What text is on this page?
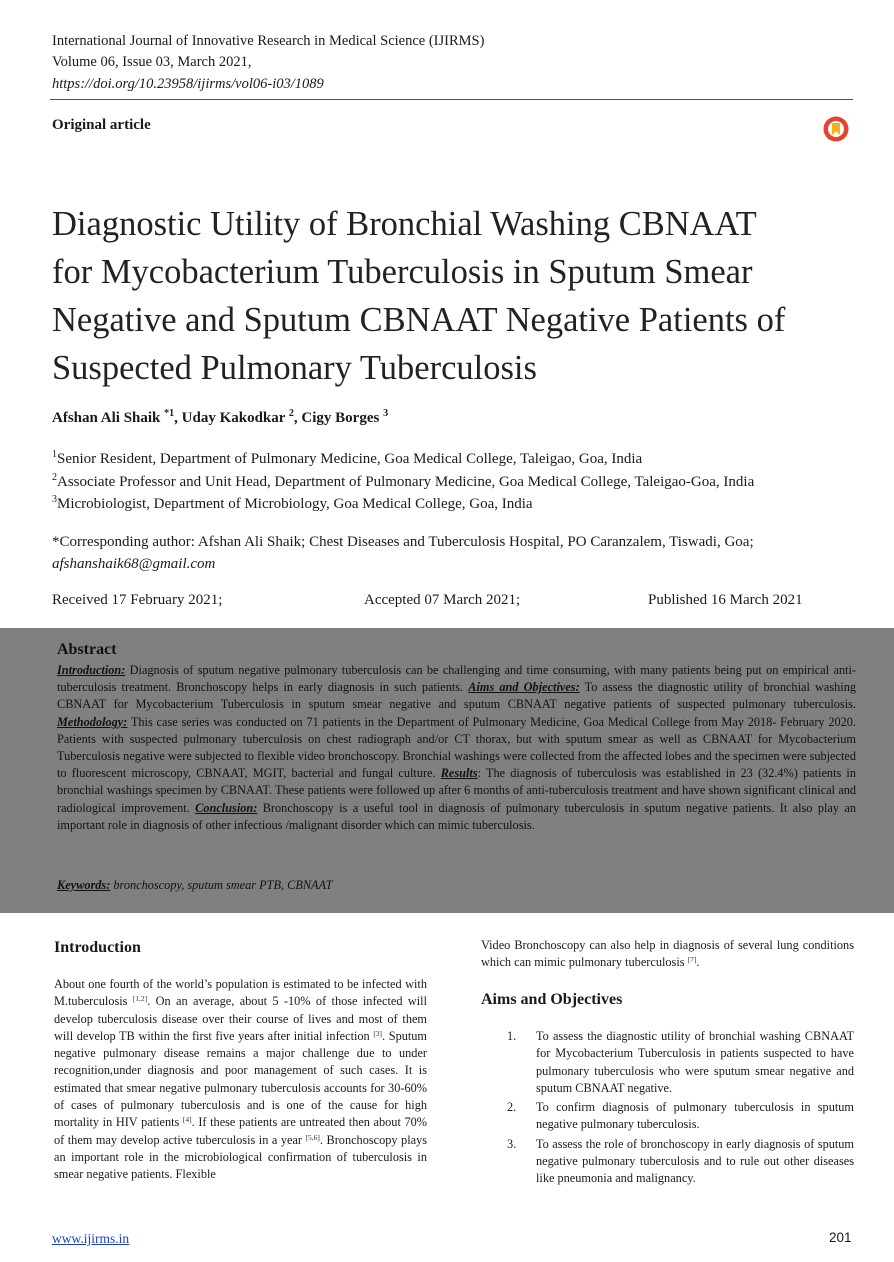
International Journal of Innovative Research in Medical Science (IJIRMS)
Volume 06, Issue 03, March 2021,
https://doi.org/10.23958/ijirms/vol06-i03/1089
Original article
Diagnostic Utility of Bronchial Washing CBNAAT
for Mycobacterium Tuberculosis in Sputum Smear
Negative and Sputum CBNAAT Negative Patients of
Suspected Pulmonary Tuberculosis
Afshan Ali Shaik $^{*1}$, Uday Kakodkar $^2$, Cigy Borges $^3$
$^1$Senior Resident, Department of Pulmonary Medicine, Goa Medical College, Taleigao, Goa, India
$^2$Associate Professor and Unit Head, Department of Pulmonary Medicine, Goa Medical College, Taleigao-Goa, India
$^3$Microbiologist, Department of Microbiology, Goa Medical College, Goa, India
*Corresponding author: Afshan Ali Shaik; Chest Diseases and Tuberculosis Hospital, PO Caranzalem, Tiswadi, Goa;
afshanshaik68@gmail.com
Received 17 February 2021;	Accepted 07 March 2021;	Published 16 March 2021
Abstract
Introduction: Diagnosis of sputum negative pulmonary tuberculosis can be challenging and time consuming, with many patients being put on empirical anti-tuberculosis treatment. Bronchoscopy helps in early diagnosis in such patients. Aims and Objectives: To assess the diagnostic utility of bronchial washing CBNAAT for Mycobacterium Tuberculosis in sputum smear negative and sputum CBNAAT negative patients of suspected pulmonary tuberculosis. Methodology: This case series was conducted on 71 patients in the Department of Pulmonary Medicine, Goa Medical College from May 2018- February 2020. Patients with suspected pulmonary tuberculosis on chest radiograph and/or CT thorax, but with sputum smear as well as CBNAAT for Mycobacterium Tuberculosis negative were subjected to flexible video bronchoscopy. Bronchial washings were collected from the affected lobes and the specimen were subjected to fluorescent microscopy, CBNAAT, MGIT, bacterial and fungal culture. Results: The diagnosis of tuberculosis was established in 23 (32.4%) patients in bronchial washings specimen by CBNAAT. These patients were followed up after 6 months of anti-tuberculosis treatment and have shown significant clinical and radiological improvement. Conclusion: Bronchoscopy is a useful tool in diagnosis of pulmonary tuberculosis in sputum negative patients. It also play an important role in diagnosis of other infectious /malignant disorder which can mimic tuberculosis.
Keywords: bronchoscopy, sputum smear PTB, CBNAAT
Introduction
About one fourth of the world’s population is estimated to be infected with M.tuberculosis [1,2]. On an average, about 5 -10% of those infected will develop tuberculosis disease over their course of lives and most of them will develop TB within the first five years after initial infection [3]. Sputum negative pulmonary disease remains a major challenge due to under recognition,under diagnosis and poor management of such cases. It is estimated that smear negative pulmonary tuberculosis accounts for 30-60% of cases of pulmonary tuberculosis and is one of the cause for high mortality in HIV patients [4]. If these patients are untreated then about 70% of them may develop active tuberculosis in a year [5,6]. Bronchoscopy plays an important role in the microbiological confirmation of tuberculosis in smear negative patients. Flexible
Video Bronchoscopy can also help in diagnosis of several lung conditions which can mimic pulmonary tuberculosis [7].
Aims and Objectives
1. To assess the diagnostic utility of bronchial washing CBNAAT for Mycobacterium Tuberculosis in patients suspected to have pulmonary tuberculosis who were sputum smear negative and sputum CBNAAT negative.
2. To confirm diagnosis of pulmonary tuberculosis in sputum negative pulmonary tuberculosis.
3. To assess the role of bronchoscopy in early diagnosis of sputum negative pulmonary tuberculosis and to rule out other diseases like pneumonia and malignancy.
www.ijirms.in	201
